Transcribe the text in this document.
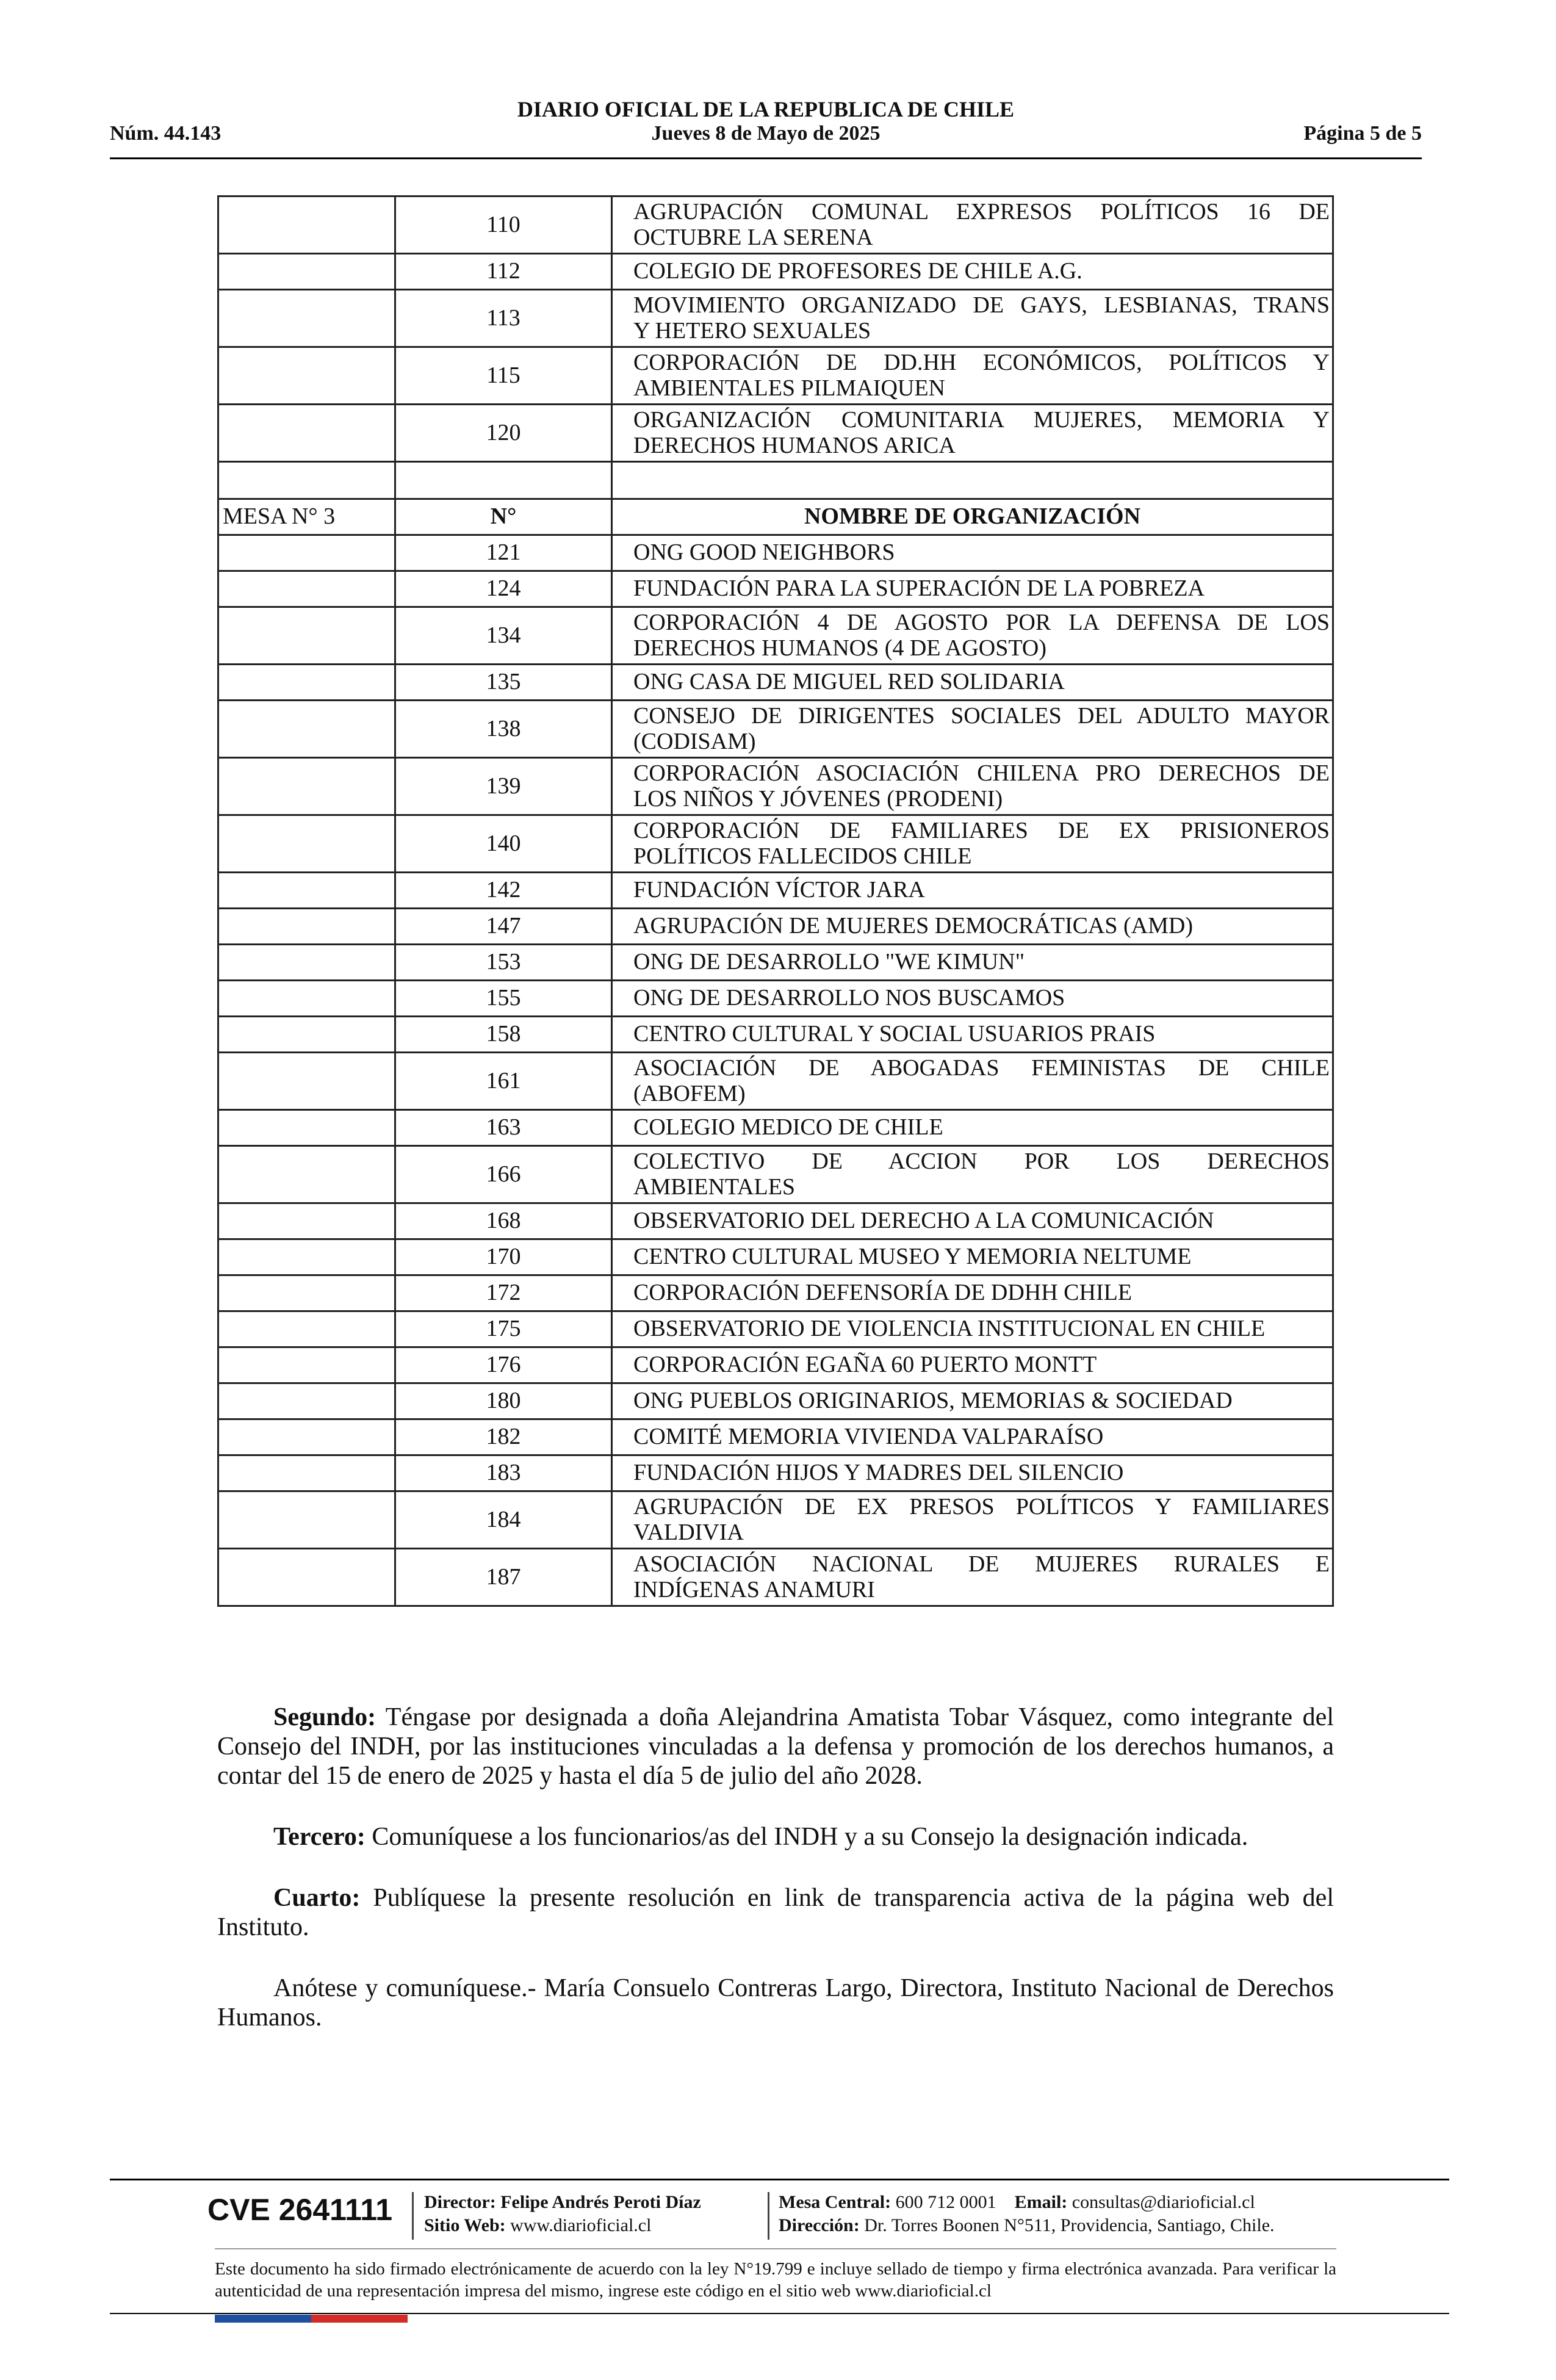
DIARIO OFICIAL DE LA REPUBLICA DE CHILE
Núm. 44.143	Jueves 8 de Mayo de 2025	Página 5 de 5
	110	AGRUPACIÓN COMUNAL EXPRESOS POLÍTICOS 16 DE
OCTUBRE LA SERENA

	112	COLEGIO DE PROFESORES DE CHILE A.G.

	113	MOVIMIENTO ORGANIZADO DE GAYS, LESBIANAS, TRANS
Y HETERO SEXUALES

	115	CORPORACIÓN DE DD.HH ECONÓMICOS, POLÍTICOS Y
AMBIENTALES PILMAIQUEN

	120	ORGANIZACIÓN COMUNITARIA MUJERES, MEMORIA Y
DERECHOS HUMANOS ARICA

MESA N° 3	N°	NOMBRE DE ORGANIZACIÓN
	121	ONG GOOD NEIGHBORS

	124	FUNDACIÓN PARA LA SUPERACIÓN DE LA POBREZA

	134	CORPORACIÓN 4 DE AGOSTO POR LA DEFENSA DE LOS
DERECHOS HUMANOS (4 DE AGOSTO)

	135	ONG CASA DE MIGUEL RED SOLIDARIA

	138	CONSEJO DE DIRIGENTES SOCIALES DEL ADULTO MAYOR
(CODISAM)

	139	CORPORACIÓN ASOCIACIÓN CHILENA PRO DERECHOS DE
LOS NIÑOS Y JÓVENES (PRODENI)

	140	CORPORACIÓN DE FAMILIARES DE EX PRISIONEROS
POLÍTICOS FALLECIDOS CHILE

	142	FUNDACIÓN VÍCTOR JARA

	147	AGRUPACIÓN DE MUJERES DEMOCRÁTICAS (AMD)

	153	ONG DE DESARROLLO "WE KIMUN"

	155	ONG DE DESARROLLO NOS BUSCAMOS

	158	CENTRO CULTURAL Y SOCIAL USUARIOS PRAIS

	161	ASOCIACIÓN DE ABOGADAS FEMINISTAS DE CHILE
(ABOFEM)

	163	COLEGIO MEDICO DE CHILE

	166	COLECTIVO DE ACCION POR LOS DERECHOS
AMBIENTALES

	168	OBSERVATORIO DEL DERECHO A LA COMUNICACIÓN

	170	CENTRO CULTURAL MUSEO Y MEMORIA NELTUME

	172	CORPORACIÓN DEFENSORÍA DE DDHH CHILE

	175	OBSERVATORIO DE VIOLENCIA INSTITUCIONAL EN CHILE

	176	CORPORACIÓN EGAÑA 60 PUERTO MONTT

	180	ONG PUEBLOS ORIGINARIOS, MEMORIAS & SOCIEDAD

	182	COMITÉ MEMORIA VIVIENDA VALPARAÍSO

	183	FUNDACIÓN HIJOS Y MADRES DEL SILENCIO

	184	AGRUPACIÓN DE EX PRESOS POLÍTICOS Y FAMILIARES
VALDIVIA

	187	ASOCIACIÓN NACIONAL DE MUJERES RURALES E
INDÍGENAS ANAMURI

Segundo: Téngase por designada a doña Alejandrina Amatista Tobar Vásquez, como integrante del Consejo del INDH, por las instituciones vinculadas a la defensa y promoción de los derechos humanos, a contar del 15 de enero de 2025 y hasta el día 5 de julio del año 2028.

Tercero: Comuníquese a los funcionarios/as del INDH y a su Consejo la designación indicada.

Cuarto: Publíquese la presente resolución en link de transparencia activa de la página web del Instituto.

Anótese y comuníquese.- María Consuelo Contreras Largo, Directora, Instituto Nacional de Derechos Humanos.

CVE 2641111 Director: Felipe Andrés Peroti Díaz
Sitio Web: www.diarioficial.cl
Mesa Central: 600 712 0001 Email: consultas@diarioficial.cl
Dirección: Dr. Torres Boonen N°511, Providencia, Santiago, Chile.
Este documento ha sido firmado electrónicamente de acuerdo con la ley N°19.799 e incluye sellado de tiempo y firma electrónica avanzada. Para verificar la autenticidad de una representación impresa del mismo, ingrese este código en el sitio web www.diarioficial.cl
